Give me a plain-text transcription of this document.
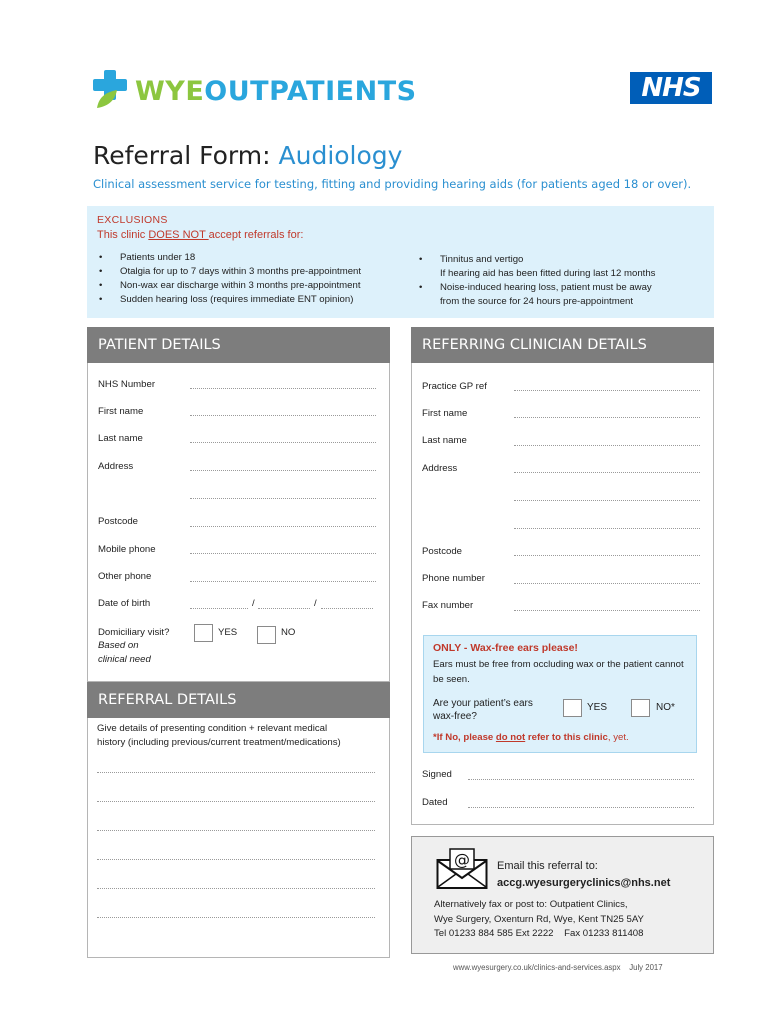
WYEOUTPATIENTS	NHS
Referral Form: Audiology
Clinical assessment service for testing, fitting and providing hearing aids (for patients aged 18 or over).
EXCLUSIONS
This clinic DOES NOT accept referrals for:
• Patients under 18
• Otalgia for up to 7 days within 3 months pre-appointment
• Non-wax ear discharge within 3 months pre-appointment
• Sudden hearing loss (requires immediate ENT opinion)
• Tinnitus and vertigo
If hearing aid has been fitted during last 12 months
• Noise-induced hearing loss, patient must be away
from the source for 24 hours pre-appointment
PATIENT DETAILS
NHS Number
First name
Last name
Address
Postcode
Mobile phone
Other phone
Date of birth	/	/
Domiciliary visit?
Based on
clinical need
YES	NO
REFERRING CLINICIAN DETAILS
Practice GP ref
First name
Last name
Address
Postcode
Phone number
Fax number
ONLY - Wax-free ears please!
Ears must be free from occluding wax or the patient cannot be seen.
Are your patient’s ears
wax-free?
YES	NO*
*If No, please do not refer to this clinic, yet.
Signed
Dated
REFERRAL DETAILS
Give details of presenting condition + relevant medical
history (including previous/current treatment/medications)
@ Email this referral to:
accg.wyesurgeryclinics@nhs.net
Alternatively fax or post to: Outpatient Clinics,
Wye Surgery, Oxenturn Rd, Wye, Kent TN25 5AY
Tel 01233 884 585 Ext 2222    Fax 01233 811408
www.wyesurgery.co.uk/clinics-and-services.aspx    July 2017
